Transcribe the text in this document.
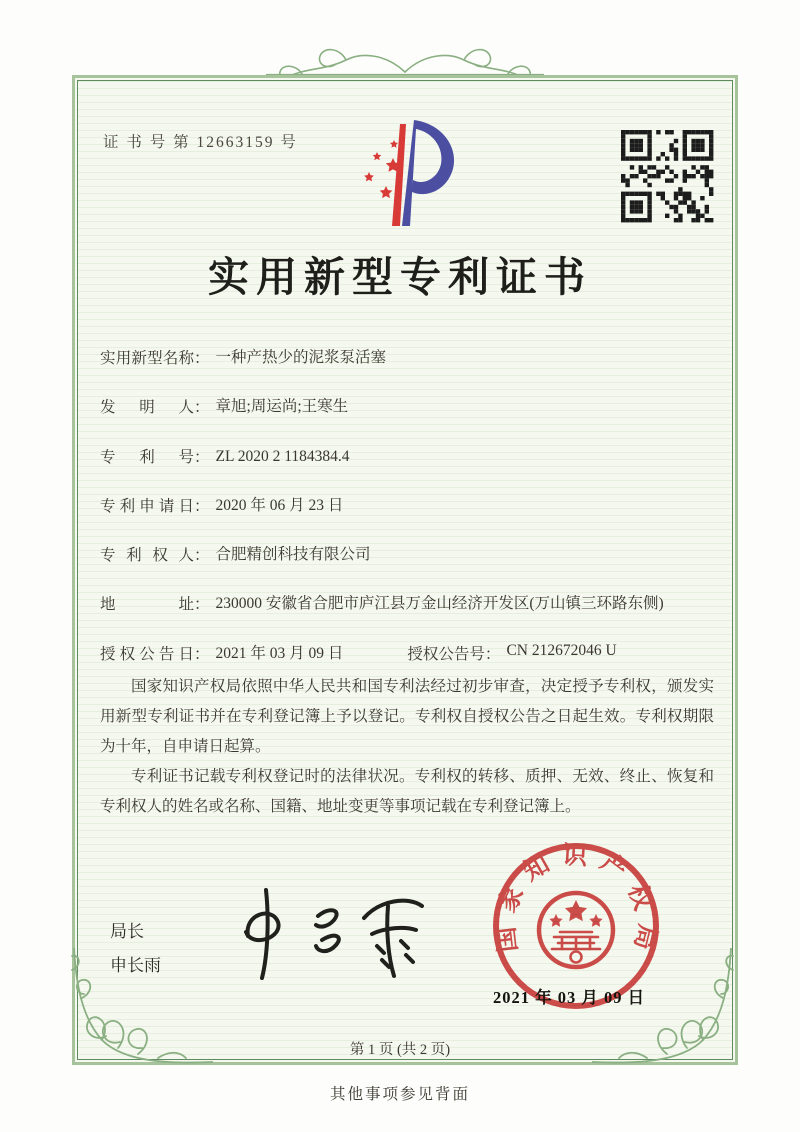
证 书 号 第 12663159 号
实用新型专利证书
实用新型名称 ： 一种产热少的泥浆泵活塞
发明人 ： 章旭;周运尚;王寒生
专利号 ： ZL 2020 2 1184384.4
专利申请日 ： 2020 年 06 月 23 日
专利权人 ： 合肥精创科技有限公司
地址 ： 230000 安徽省合肥市庐江县万金山经济开发区(万山镇三环路东侧)
授权公告日 ： 2021 年 03 月 09 日	授权公告号 ： CN 212672046 U

国家知识产权局依照中华人民共和国专利法经过初步审查，决定授予专利权，颁发实用新型专利证书并在专利登记簿上予以登记。专利权自授权公告之日起生效。专利权期限为十年，自申请日起算。

专利证书记载专利权登记时的法律状况。专利权的转移、质押、无效、终止、恢复和专利权人的姓名或名称、国籍、地址变更等事项记载在专利登记簿上。

局长
申长雨
国家知识产权局
2021 年 03 月 09 日
第 1 页 (共 2 页)
其他事项参见背面
